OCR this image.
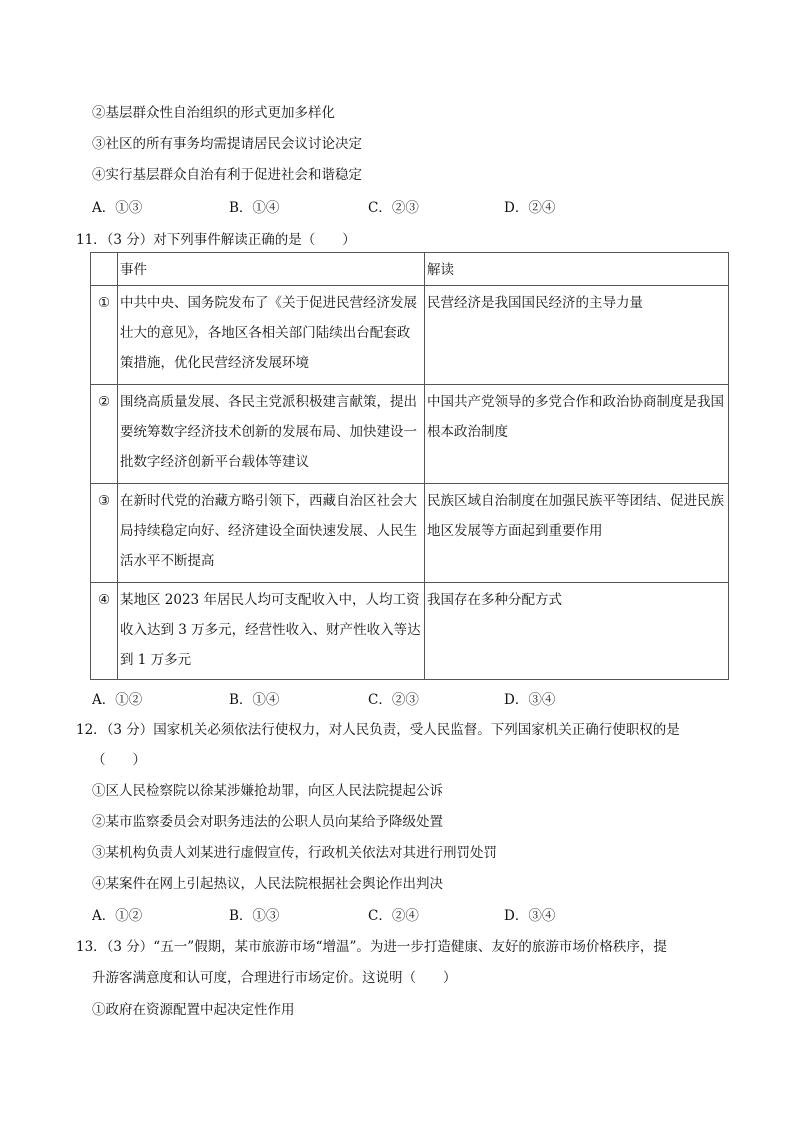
②基层群众性自治组织的形式更加多样化
③社区的所有事务均需提请居民会议讨论决定
④实行基层群众自治有利于促进社会和谐稳定
A．①③	B．①④	C．②③	D．②④
11．（3 分）对下列事件解读正确的是（　　）
	事件	解读
①	中共中央、国务院发布了《关于促进民营经济发展壮大的意见》，各地区各相关部门陆续出台配套政策措施，优化民营经济发展环境	民营经济是我国国民经济的主导力量
②	围绕高质量发展、各民主党派积极建言献策，提出要统筹数字经济技术创新的发展布局、加快建设一批数字经济创新平台载体等建议	中国共产党领导的多党合作和政治协商制度是我国根本政治制度
③	在新时代党的治藏方略引领下，西藏自治区社会大局持续稳定向好、经济建设全面快速发展、人民生活水平不断提高	民族区域自治制度在加强民族平等团结、促进民族地区发展等方面起到重要作用
④	某地区 2023 年居民人均可支配收入中，人均工资收入达到 3 万多元，经营性收入、财产性收入等达到 1 万多元	我国存在多种分配方式
A．①②	B．①④	C．②③	D．③④
12．（3 分）国家机关必须依法行使权力，对人民负责，受人民监督。下列国家机关正确行使职权的是
（　　）
①区人民检察院以徐某涉嫌抢劫罪，向区人民法院提起公诉
②某市监察委员会对职务违法的公职人员向某给予降级处置
③某机构负责人刘某进行虚假宣传，行政机关依法对其进行刑罚处罚
④某案件在网上引起热议，人民法院根据社会舆论作出判决
A．①②	B．①③	C．②④	D．③④
13．（3 分）“五一”假期，某市旅游市场“增温”。为进一步打造健康、友好的旅游市场价格秩序，提
升游客满意度和认可度，合理进行市场定价。这说明（　　）
①政府在资源配置中起决定性作用
